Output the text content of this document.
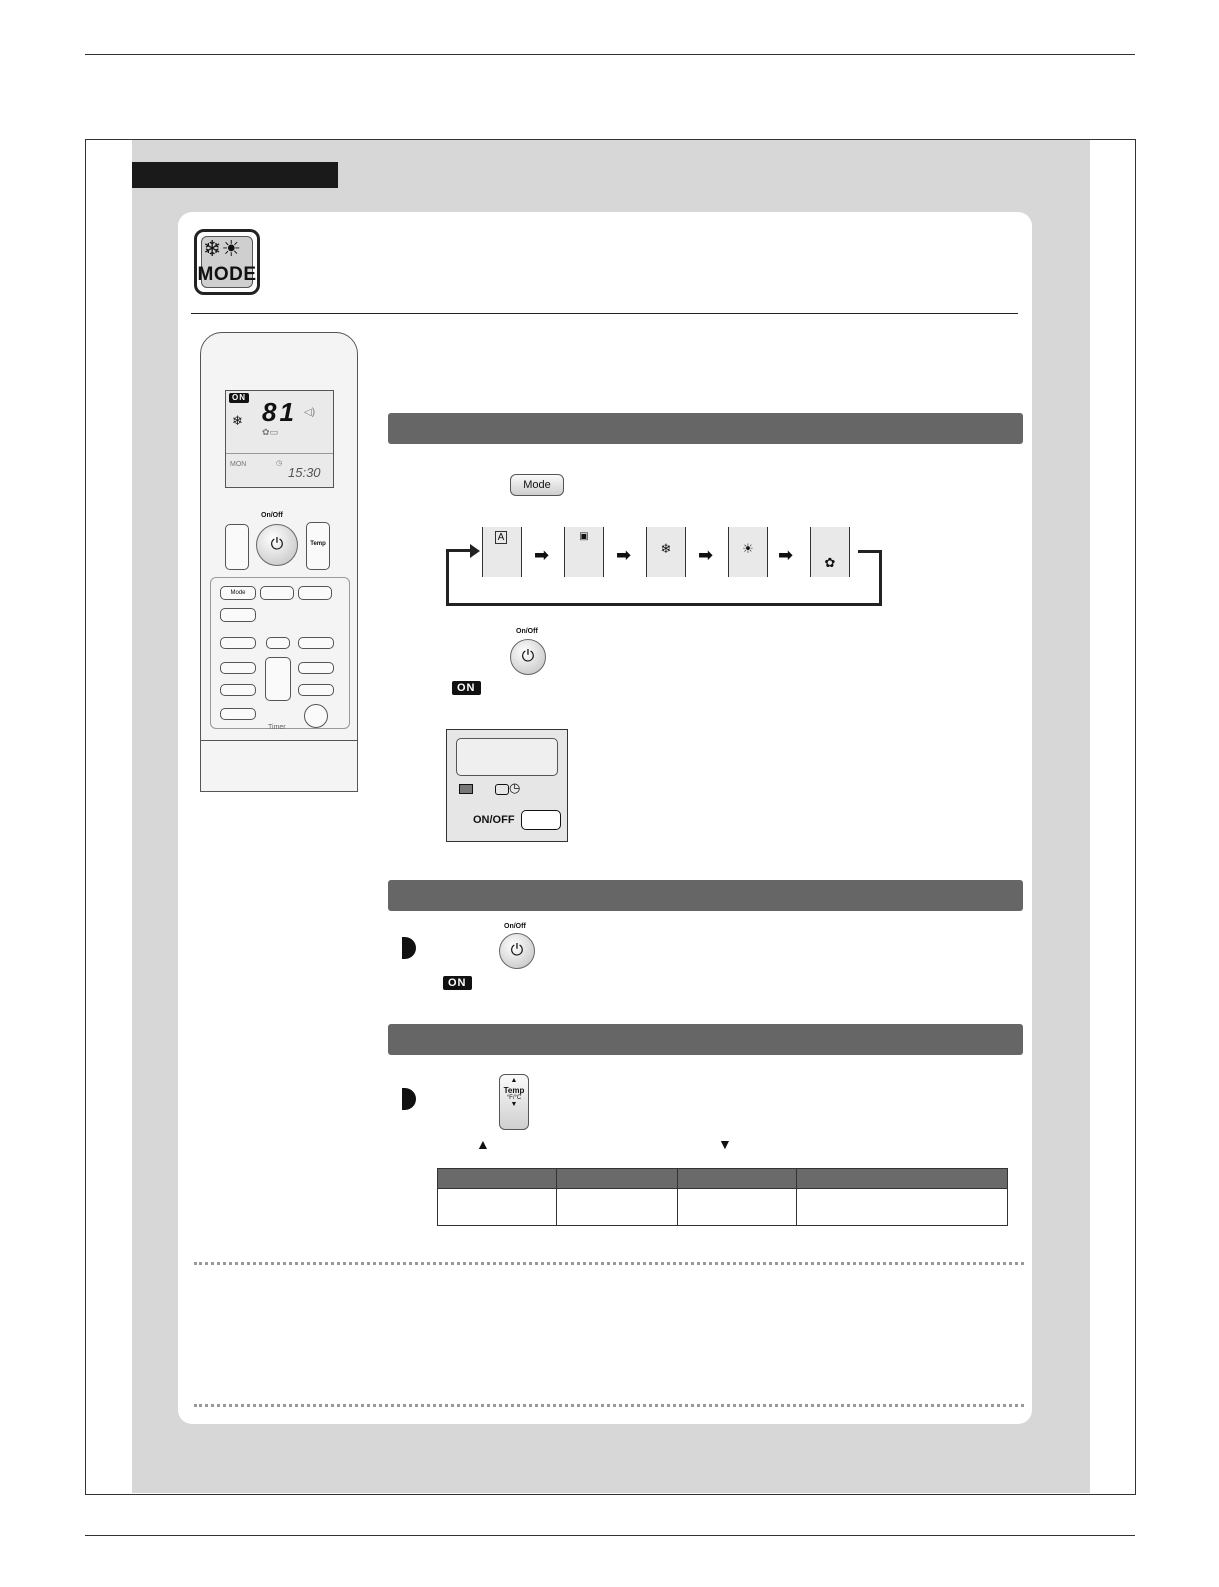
❄☀
MODE
ON
❄ 81 ◁)
✿▭
MON	◷
15:30
⏻
On/Off
Temp
Mode
Timer
Mode
A
➡
▣
➡	❄	➡	☀	➡	✿
On/Off
⏻
ON
◷
ON/OFF
On/Off
⏻
ON
▲
Temp
°F/°C
▼
▲	▼
